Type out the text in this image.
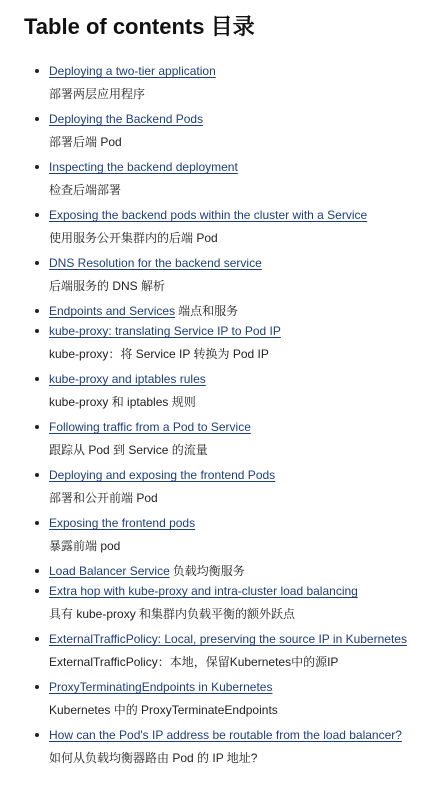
Table of contents 目录
Deploying a two-tier application
部署两层应用程序
Deploying the Backend Pods
部署后端 Pod
Inspecting the backend deployment
检查后端部署
Exposing the backend pods within the cluster with a Service
使用服务公开集群内的后端 Pod
DNS Resolution for the backend service
后端服务的 DNS 解析
Endpoints and Services 端点和服务
kube-proxy: translating Service IP to Pod IP
kube-proxy：将 Service IP 转换为 Pod IP
kube-proxy and iptables rules
kube-proxy 和 iptables 规则
Following traffic from a Pod to Service
跟踪从 Pod 到 Service 的流量
Deploying and exposing the frontend Pods
部署和公开前端 Pod
Exposing the frontend pods
暴露前端 pod
Load Balancer Service 负载均衡服务
Extra hop with kube-proxy and intra-cluster load balancing
具有 kube-proxy 和集群内负载平衡的额外跃点
ExternalTrafficPolicy: Local, preserving the source IP in Kubernetes
ExternalTrafficPolicy：本地，保留Kubernetes中的源IP
ProxyTerminatingEndpoints in Kubernetes
Kubernetes 中的 ProxyTerminateEndpoints
How can the Pod's IP address be routable from the load balancer?
如何从负载均衡器路由 Pod 的 IP 地址?
